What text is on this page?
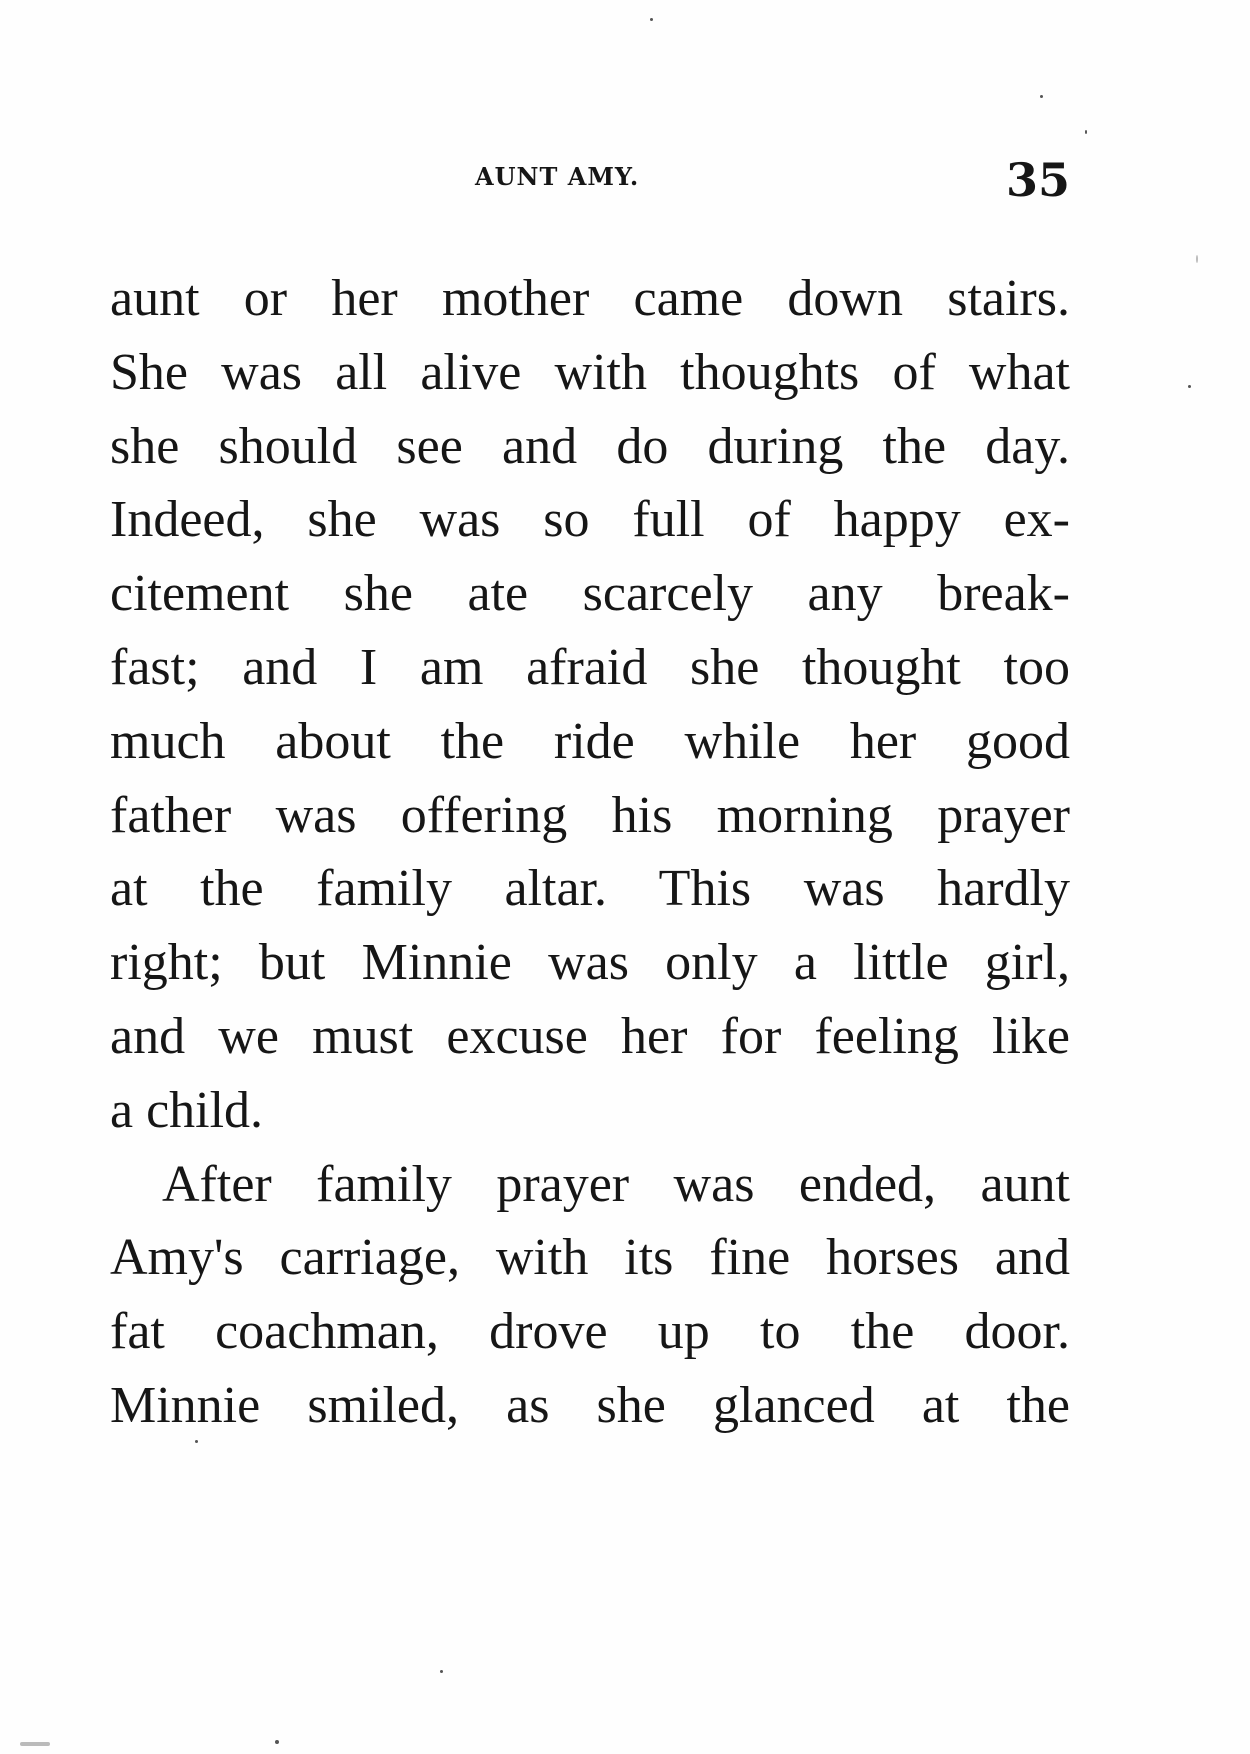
AUNT AMY.	35
aunt or her mother came down stairs.
She was all alive with thoughts of what
she should see and do during the day.
Indeed, she was so full of happy ex-
citement she ate scarcely any break-
fast; and I am afraid she thought too
much about the ride while her good
father was offering his morning prayer
at the family altar. This was hardly
right; but Minnie was only a little girl,
and we must excuse her for feeling like
a child.
After family prayer was ended, aunt
Amy's carriage, with its fine horses and
fat coachman, drove up to the door.
Minnie smiled, as she glanced at the
